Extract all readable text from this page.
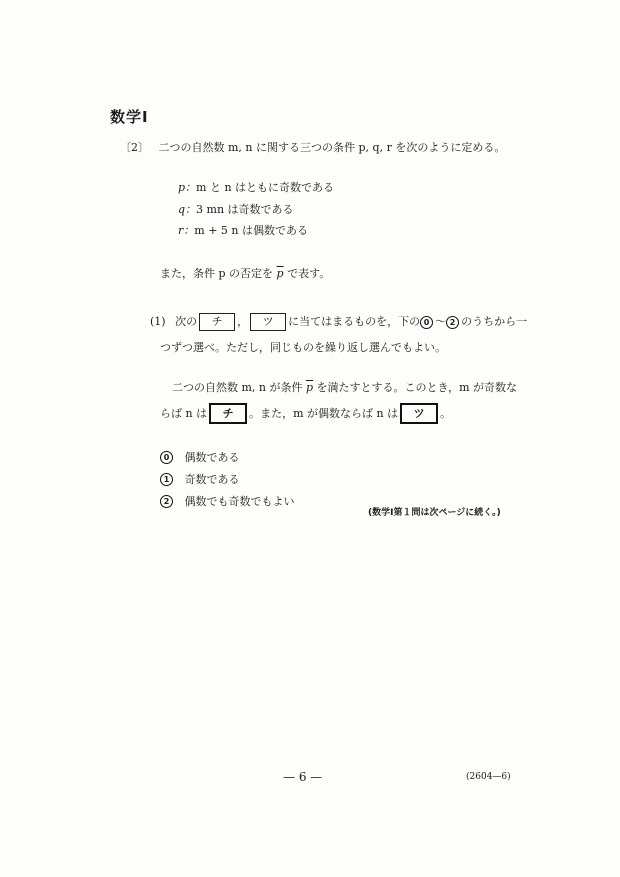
数学Ⅰ
〔2〕 二つの自然数 m, n に関する三つの条件 p, q, r を次のように定める。
p：m と n はともに奇数である
q：3 mn は奇数である
r：m + 5 n は偶数である
また，条件 p の否定を $\overline{p}$ で表す。
(1) 次の チ ， ツ に当てはまるものを，下の 0 〜 2 のうちから一
つずつ選べ。ただし，同じものを繰り返し選んでもよい。
二つの自然数 m, n が条件 $\overline{p}$ を満たすとする。このとき，m が奇数な
らば n は チ 。また，m が偶数ならば n は ツ 。
0 偶数である
1 奇数である
2 偶数でも奇数でもよい
(数学Ⅰ第１問は次ページに続く。)
— 6 —	(2604—6)
